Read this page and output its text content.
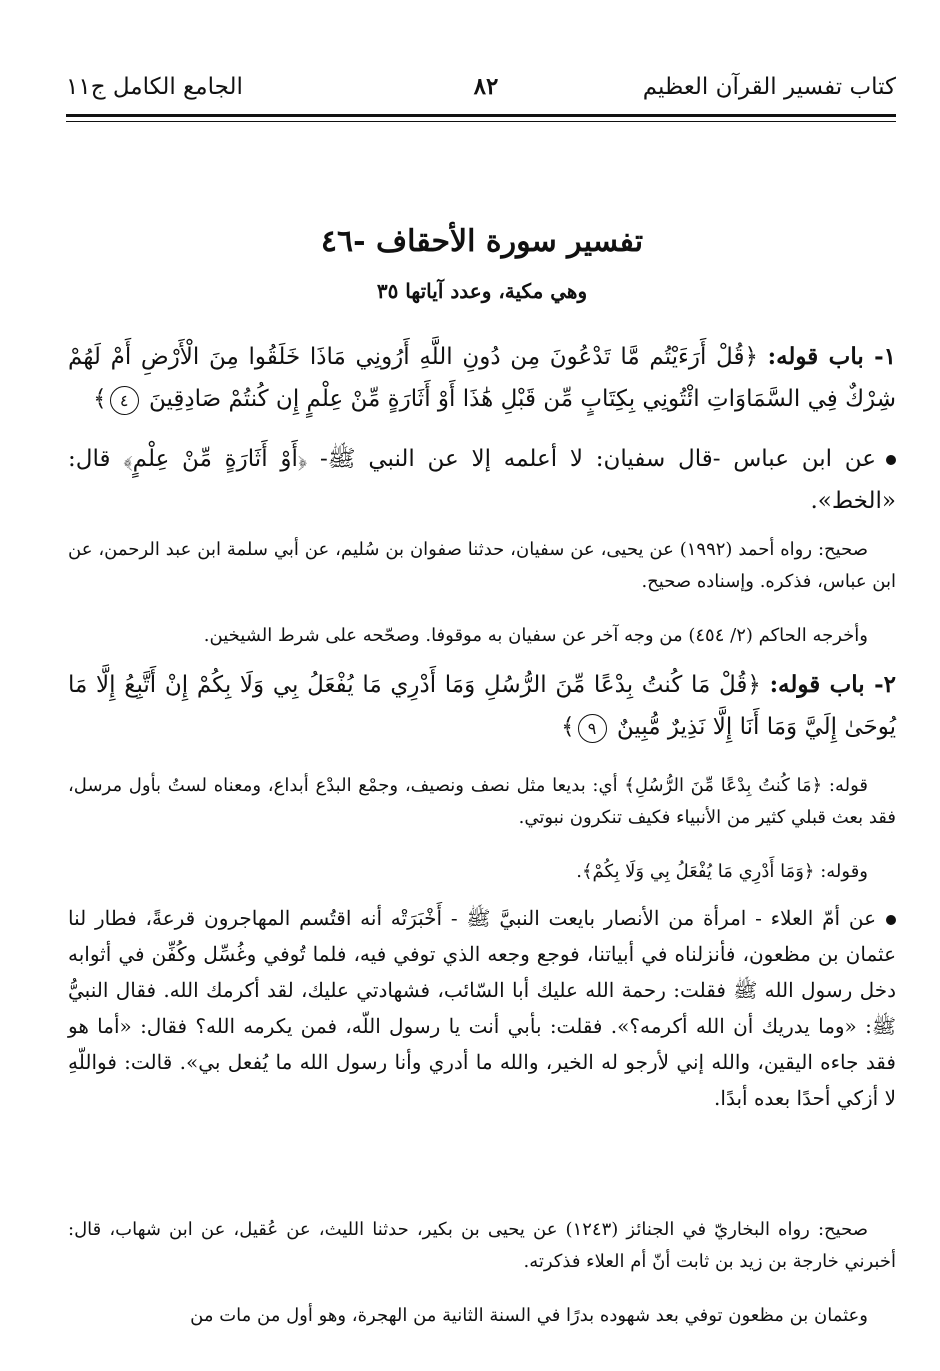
كتاب تفسير القرآن العظيم
٨٢
الجامع الكامل ج١١
تفسير سورة الأحقاف -٤٦
وهي مكية، وعدد آياتها ٣٥
١- باب قوله: ﴿قُلْ أَرَءَيْتُم مَّا تَدْعُونَ مِن دُونِ اللَّهِ أَرُونِي مَاذَا خَلَقُوا مِنَ الْأَرْضِ أَمْ لَهُمْ شِرْكٌ فِي السَّمَاوَاتِ ائْتُونِي بِكِتَابٍ مِّن قَبْلِ هَٰذَا أَوْ أَثَارَةٍ مِّنْ عِلْمٍ إِن كُنتُمْ صَادِقِينَ ٤﴾
عن ابن عباس -قال سفيان: لا أعلمه إلا عن النبي ﷺ- ﴿أَوْ أَثَارَةٍ مِّنْ عِلْمٍ﴾ قال: «الخط».
صحيح: رواه أحمد (١٩٩٢) عن يحيى، عن سفيان، حدثنا صفوان بن سُليم، عن أبي سلمة ابن عبد الرحمن، عن ابن عباس، فذكره. وإسناده صحيح.
وأخرجه الحاكم (٢/ ٤٥٤) من وجه آخر عن سفيان به موقوفا. وصحّحه على شرط الشيخين.
٢- باب قوله: ﴿قُلْ مَا كُنتُ بِدْعًا مِّنَ الرُّسُلِ وَمَا أَدْرِي مَا يُفْعَلُ بِي وَلَا بِكُمْ إِنْ أَتَّبِعُ إِلَّا مَا يُوحَىٰ إِلَيَّ وَمَا أَنَا إِلَّا نَذِيرٌ مُّبِينٌ ٩﴾
قوله: ﴿مَا كُنتُ بِدْعًا مِّنَ الرُّسُلِ﴾ أي: بديعا مثل نصف ونصيف، وجمْع البدْع أبداع، ومعناه لستُ بأول مرسل، فقد بعث قبلي كثير من الأنبياء فكيف تنكرون نبوتي.
وقوله: ﴿وَمَا أَدْرِي مَا يُفْعَلُ بِي وَلَا بِكُمْ﴾.
عن أمّ العلاء - امرأة من الأنصار بايعت النبيَّ ﷺ - أَخْبَرَتْه أنه اقتُسم المهاجرون قرعةً، فطار لنا عثمان بن مظعون، فأنزلناه في أبياتنا، فوجع وجعه الذي توفي فيه، فلما تُوفي وغُسِّل وكُفِّن في أثوابه دخل رسول الله ﷺ فقلت: رحمة الله عليك أبا السّائب، فشهادتي عليك، لقد أكرمك الله. فقال النبيُّ ﷺ: «وما يدريك أن الله أكرمه؟». فقلت: بأبي أنت يا رسول اللّه، فمن يكرمه الله؟ فقال: «أما هو فقد جاءه اليقين، والله إني لأرجو له الخير، والله ما أدري وأنا رسول الله ما يُفعل بي». قالت: فواللّهِ لا أزكي أحدًا بعده أبدًا.
صحيح: رواه البخاريّ في الجنائز (١٢٤٣) عن يحيى بن بكير، حدثنا الليث، عن عُقيل، عن ابن شهاب، قال: أخبرني خارجة بن زيد بن ثابت أنّ أم العلاء فذكرته.
وعثمان بن مظعون توفي بعد شهوده بدرًا في السنة الثانية من الهجرة، وهو أول من مات من
